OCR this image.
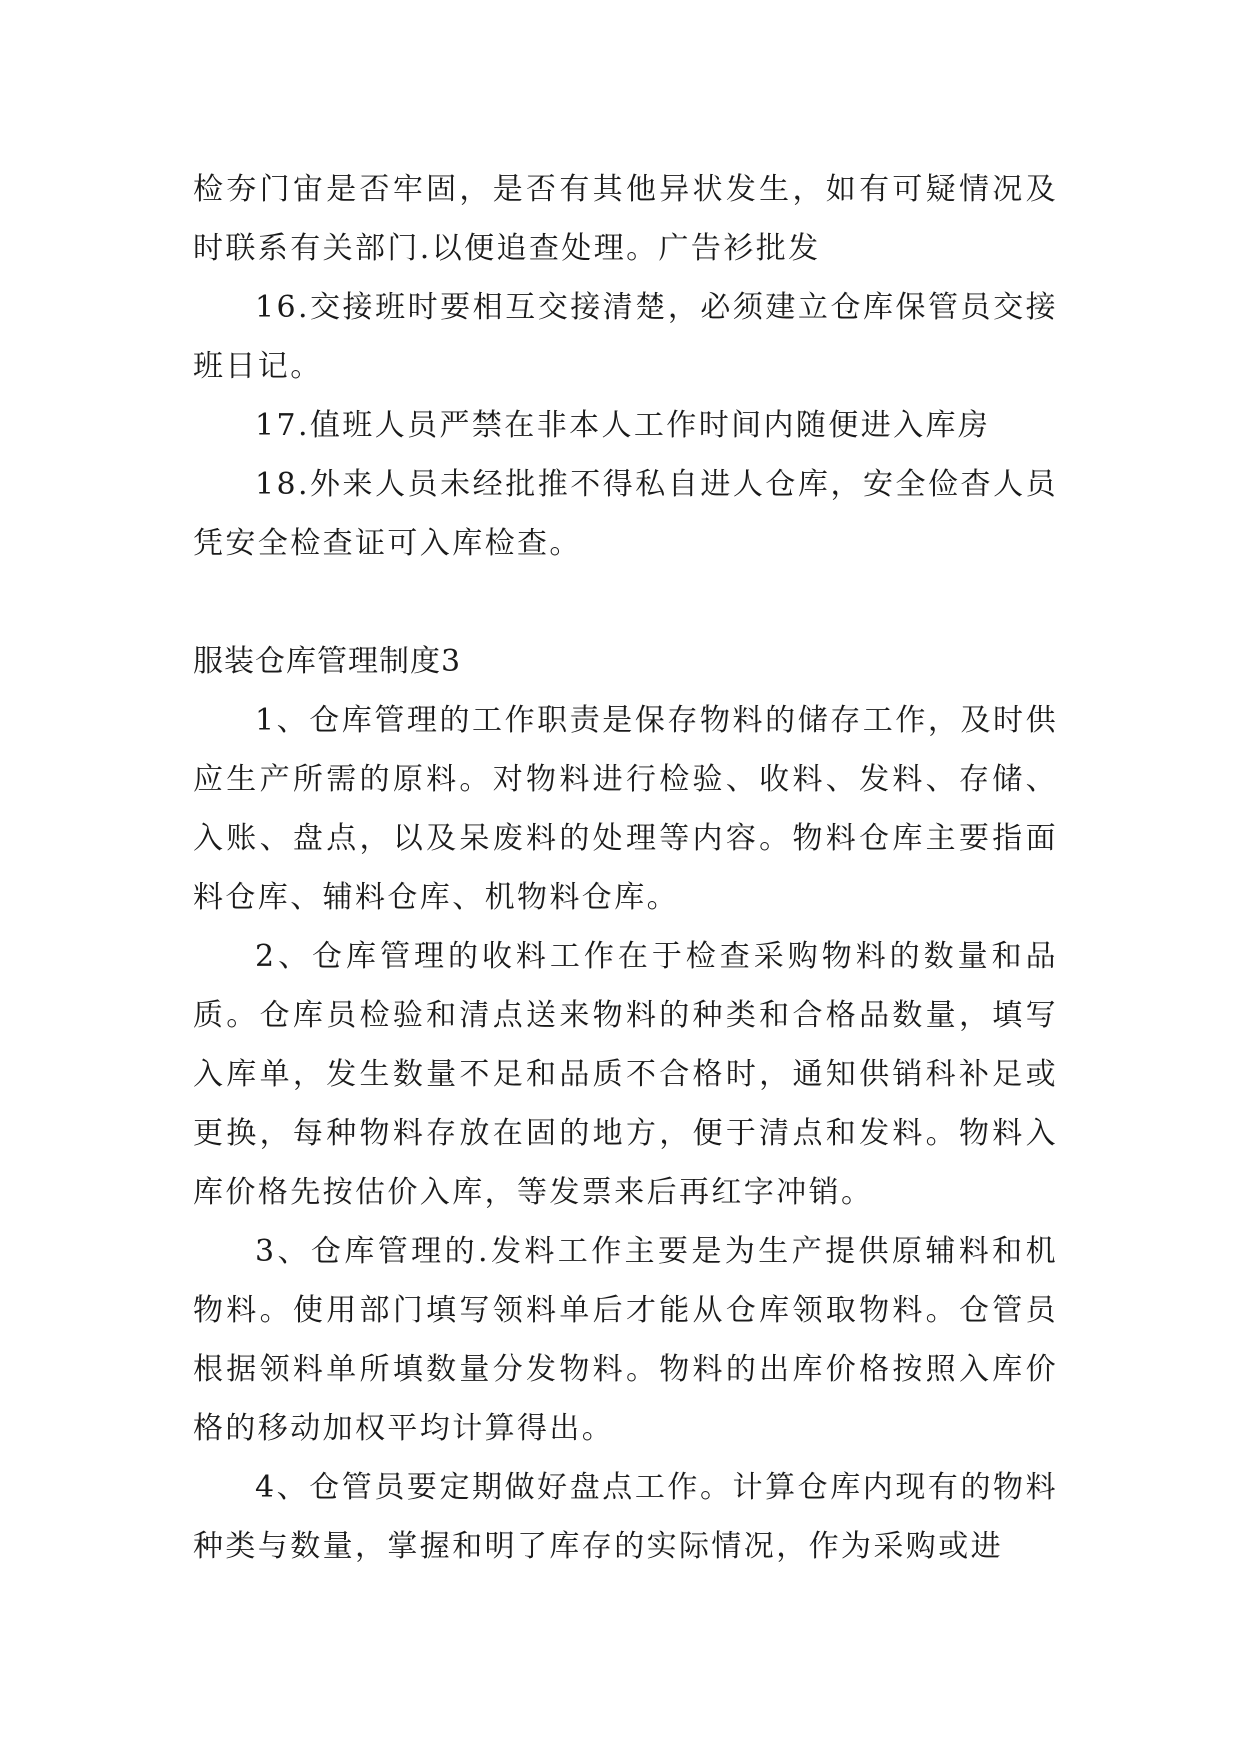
检夯门宙是否牢固，是否有其他异状发生，如有可疑情况及时联系有关部门.以便追查处理。广告衫批发

16.交接班时要相互交接清楚，必须建立仓库保管员交接班日记。

17.值班人员严禁在非本人工作时间内随便进入库房

18.外来人员未经批推不得私自进人仓库，安全俭杳人员凭安全检查证可入库检查。

服装仓库管理制度3

1、仓库管理的工作职责是保存物料的储存工作，及时供应生产所需的原料。对物料进行检验、收料、发料、存储、入账、盘点，以及呆废料的处理等内容。物料仓库主要指面料仓库、辅料仓库、机物料仓库。

2、仓库管理的收料工作在于检查采购物料的数量和品质。仓库员检验和清点送来物料的种类和合格品数量，填写入库单，发生数量不足和品质不合格时，通知供销科补足或更换，每种物料存放在固的地方，便于清点和发料。物料入库价格先按估价入库，等发票来后再红字冲销。

3、仓库管理的.发料工作主要是为生产提供原辅料和机物料。使用部门填写领料单后才能从仓库领取物料。仓管员根据领料单所填数量分发物料。物料的出库价格按照入库价格的移动加权平均计算得出。

4、仓管员要定期做好盘点工作。计算仓库内现有的物料种类与数量，掌握和明了库存的实际情况，作为采购或进
